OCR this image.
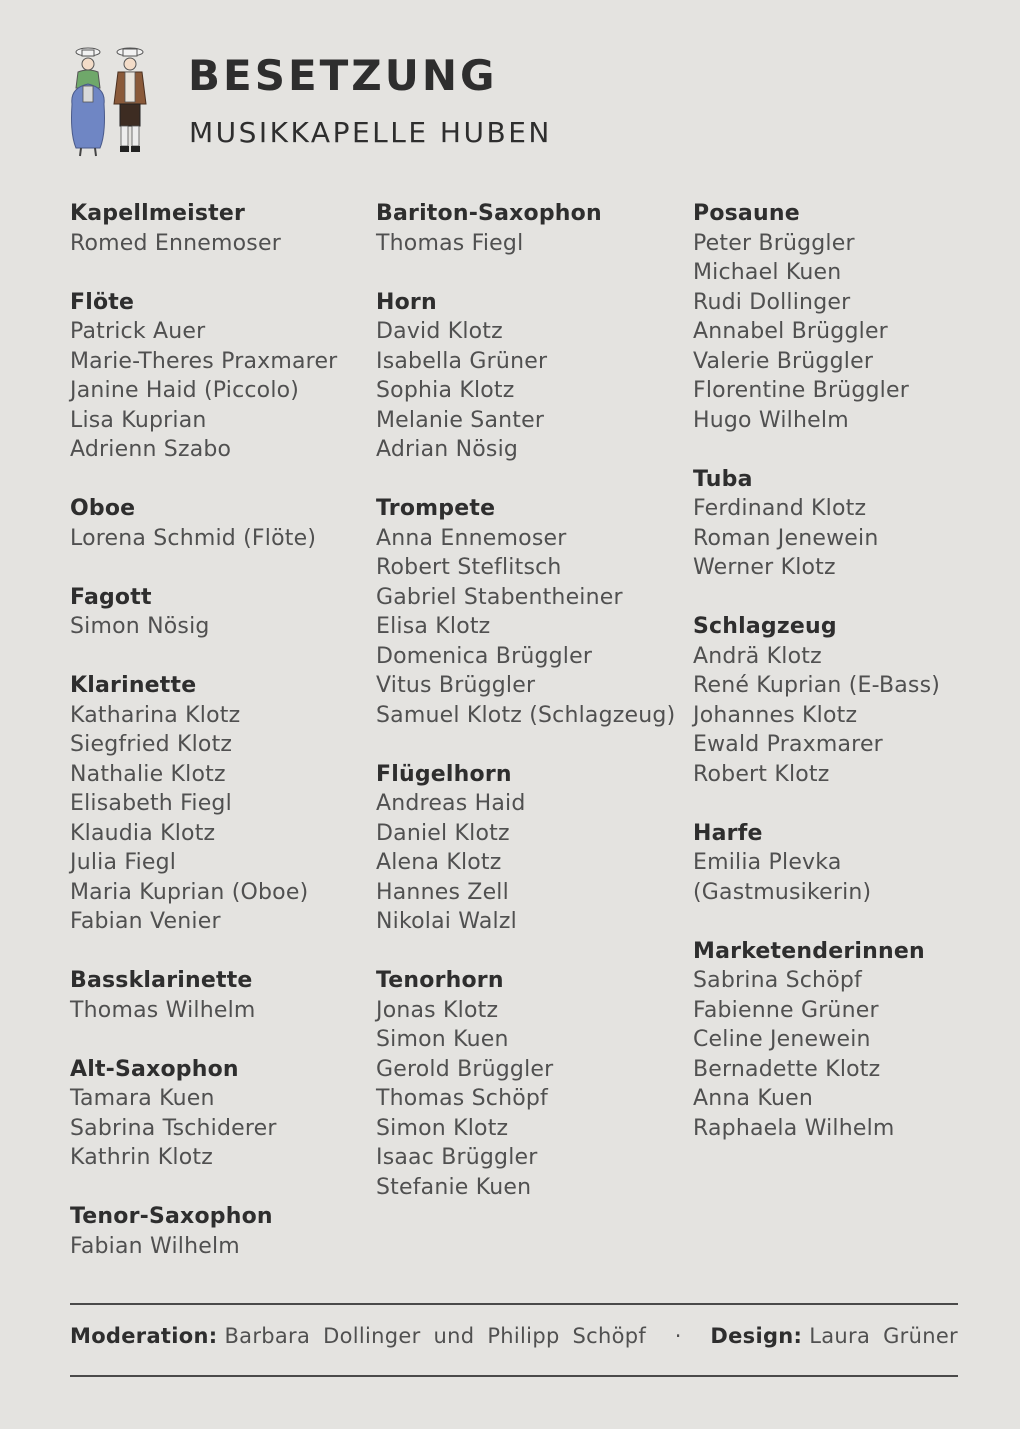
BESETZUNG
MUSIKKAPELLE HUBEN
Kapellmeister
Romed Ennemoser
Flöte
Patrick Auer
Marie-Theres Praxmarer
Janine Haid (Piccolo)
Lisa Kuprian
Adrienn Szabo
Oboe
Lorena Schmid (Flöte)
Fagott
Simon Nösig
Klarinette
Katharina Klotz
Siegfried Klotz
Nathalie Klotz
Elisabeth Fiegl
Klaudia Klotz
Julia Fiegl
Maria Kuprian (Oboe)
Fabian Venier
Bassklarinette
Thomas Wilhelm
Alt-Saxophon
Tamara Kuen
Sabrina Tschiderer
Kathrin Klotz
Tenor-Saxophon
Fabian Wilhelm
Bariton-Saxophon
Thomas Fiegl
Horn
David Klotz
Isabella Grüner
Sophia Klotz
Melanie Santer
Adrian Nösig
Trompete
Anna Ennemoser
Robert Steflitsch
Gabriel Stabentheiner
Elisa Klotz
Domenica Brüggler
Vitus Brüggler
Samuel Klotz (Schlagzeug)
Flügelhorn
Andreas Haid
Daniel Klotz
Alena Klotz
Hannes Zell
Nikolai Walzl
Tenorhorn
Jonas Klotz
Simon Kuen
Gerold Brüggler
Thomas Schöpf
Simon Klotz
Isaac Brüggler
Stefanie Kuen
Posaune
Peter Brüggler
Michael Kuen
Rudi Dollinger
Annabel Brüggler
Valerie Brüggler
Florentine Brüggler
Hugo Wilhelm
Tuba
Ferdinand Klotz
Roman Jenewein
Werner Klotz
Schlagzeug
Andrä Klotz
René Kuprian (E-Bass)
Johannes Klotz
Ewald Praxmarer
Robert Klotz
Harfe
Emilia Plevka
(Gastmusikerin)
Marketenderinnen
Sabrina Schöpf
Fabienne Grüner
Celine Jenewein
Bernadette Klotz
Anna Kuen
Raphaela Wilhelm
Moderation: Barbara Dollinger und Philipp Schöpf · Design: Laura Grüner
